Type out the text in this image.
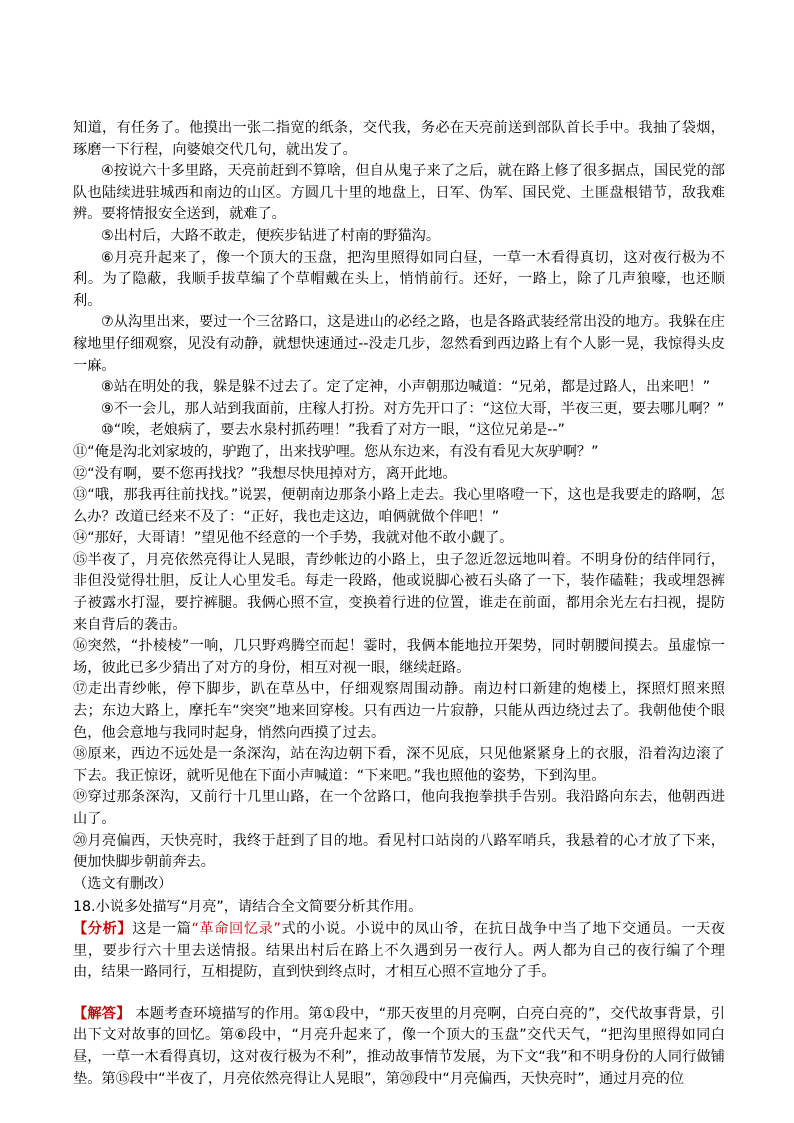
知道，有任务了。他摸出一张二指宽的纸条，交代我，务必在天亮前送到部队首长手中。我抽了袋烟，琢磨一下行程，向婆娘交代几句，就出发了。

④按说六十多里路，天亮前赶到不算啥，但自从鬼子来了之后，就在路上修了很多据点，国民党的部队也陆续进驻城西和南边的山区。方圆几十里的地盘上，日军、伪军、国民党、土匪盘根错节，敌我难辨。要将情报安全送到，就难了。

⑤出村后，大路不敢走，便疾步钻进了村南的野猫沟。

⑥月亮升起来了，像一个顶大的玉盘，把沟里照得如同白昼，一草一木看得真切，这对夜行极为不利。为了隐蔽，我顺手拔草编了个草帽戴在头上，悄悄前行。还好，一路上，除了几声狼嚎，也还顺利。

⑦从沟里出来，要过一个三岔路口，这是进山的必经之路，也是各路武装经常出没的地方。我躲在庄稼地里仔细观察，见没有动静，就想快速通过--没走几步，忽然看到西边路上有个人影一晃，我惊得头皮一麻。

⑧站在明处的我，躲是躲不过去了。定了定神，小声朝那边喊道：“兄弟，都是过路人，出来吧！”

⑨不一会儿，那人站到我面前，庄稼人打扮。对方先开口了：“这位大哥，半夜三更，要去哪儿啊？”

⑩“唉，老娘病了，要去水泉村抓药哩！”我看了对方一眼，“这位兄弟是--”

⑪“俺是沟北刘家坡的，驴跑了，出来找驴哩。您从东边来，有没有看见大灰驴啊？”

⑫“没有啊，要不您再找找？”我想尽快甩掉对方，离开此地。

⑬“哦，那我再往前找找。”说罢，便朝南边那条小路上走去。我心里咯噔一下，这也是我要走的路啊，怎么办？改道已经来不及了：“正好，我也走这边，咱俩就做个伴吧！”

⑭“那好，大哥请！”望见他不经意的一个手势，我就对他不敢小觑了。

⑮半夜了，月亮依然亮得让人晃眼，青纱帐边的小路上，虫子忽近忽远地叫着。不明身份的结伴同行，非但没觉得壮胆，反让人心里发毛。每走一段路，他或说脚心被石头硌了一下，装作磕鞋；我或埋怨裤子被露水打湿，要拧裤腿。我俩心照不宣，变换着行进的位置，谁走在前面，都用余光左右扫视，提防来自背后的袭击。

⑯突然，“扑棱棱”一响，几只野鸡腾空而起！霎时，我俩本能地拉开架势，同时朝腰间摸去。虽虚惊一场，彼此已多少猜出了对方的身份，相互对视一眼，继续赶路。

⑰走出青纱帐，停下脚步，趴在草丛中，仔细观察周围动静。南边村口新建的炮楼上，探照灯照来照去；东边大路上，摩托车“突突”地来回穿梭。只有西边一片寂静，只能从西边绕过去了。我朝他使个眼色，他会意地与我同时起身，悄然向西摸了过去。

⑱原来，西边不远处是一条深沟，站在沟边朝下看，深不见底，只见他紧紧身上的衣服，沿着沟边滚了下去。我正惊讶，就听见他在下面小声喊道：“下来吧。”我也照他的姿势，下到沟里。

⑲穿过那条深沟，又前行十几里山路，在一个岔路口，他向我抱拳拱手告别。我沿路向东去，他朝西进山了。

⑳月亮偏西，天快亮时，我终于赶到了目的地。看见村口站岗的八路军哨兵，我悬着的心才放了下来，便加快脚步朝前奔去。

（选文有删改）

18.小说多处描写“月亮”，请结合全文简要分析其作用。

【分析】这是一篇“革命回忆录”式的小说。小说中的凤山爷，在抗日战争中当了地下交通员。一天夜里，要步行六十里去送情报。结果出村后在路上不久遇到另一夜行人。两人都为自己的夜行编了个理由，结果一路同行，互相提防，直到快到终点时，才相互心照不宣地分了手。

【解答】 本题考查环境描写的作用。第①段中，“那天夜里的月亮啊，白亮白亮的”，交代故事背景，引出下文对故事的回忆。第⑥段中，“月亮升起来了，像一个顶大的玉盘”交代天气，“把沟里照得如同白昼，一草一木看得真切，这对夜行极为不利”，推动故事情节发展，为下文“我”和不明身份的人同行做铺垫。第⑮段中“半夜了，月亮依然亮得让人晃眼”，第⑳段中“月亮偏西，天快亮时”，通过月亮的位
